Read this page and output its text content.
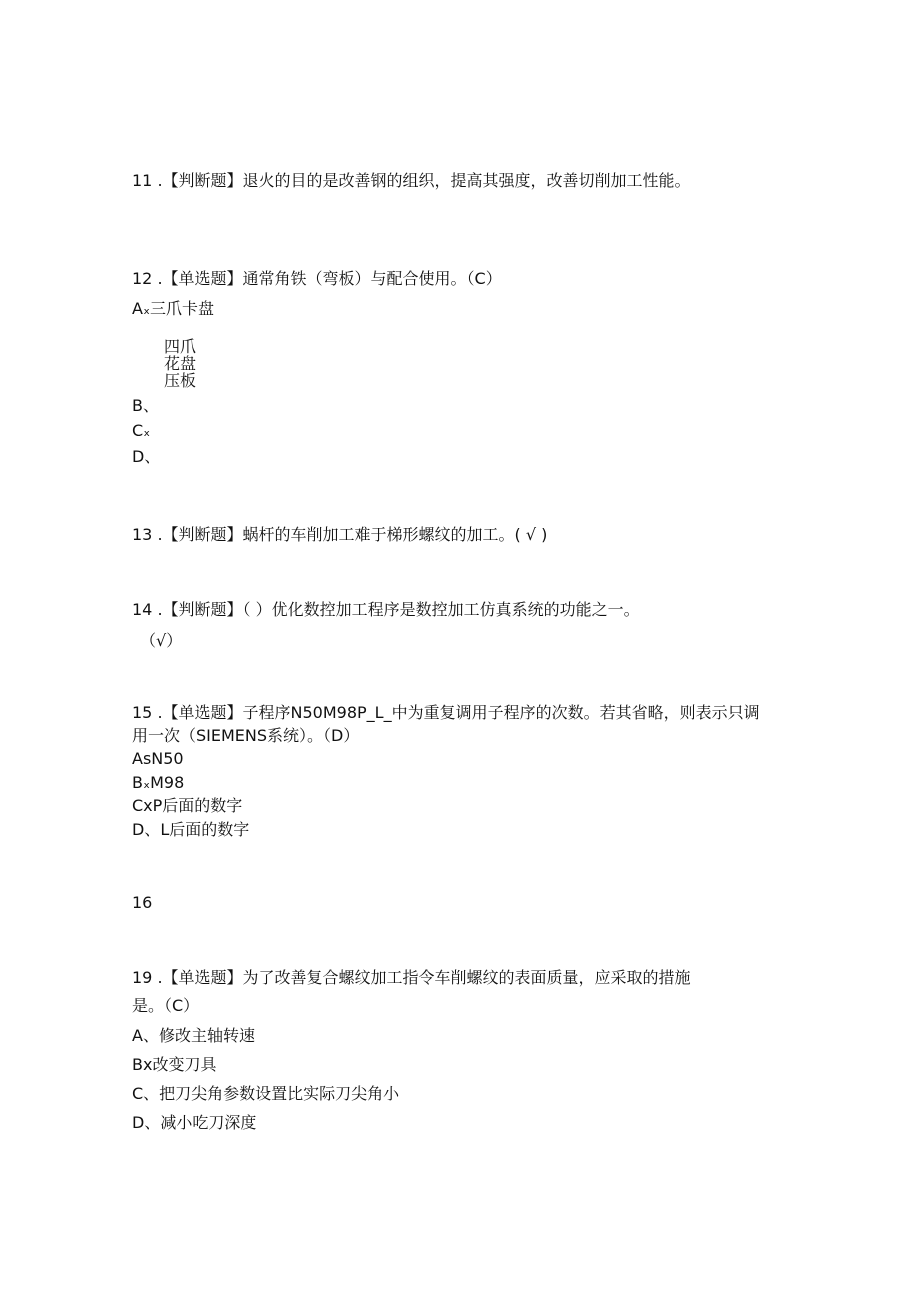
11 .【判断题】退火的目的是改善钢的组织，提高其强度，改善切削加工性能。
12 .【单选题】通常角铁（弯板）与配合使用。（C）
Aₓ三爪卡盘
四爪
花盘
压板
B、
Cₓ
D、
13 .【判断题】蜗杆的车削加工难于梯形螺纹的加工。( √ )
14 .【判断题】（ ）优化数控加工程序是数控加工仿真系统的功能之一。
（√）
15 .【单选题】子程序N50M98P_L_中为重复调用子程序的次数。若其省略，则表示只调
用一次（SIEMENS系统）。（D）
AsN50
BₓM98
CxP后面的数字
D、L后面的数字
16
19 .【单选题】为了改善复合螺纹加工指令车削螺纹的表面质量，应采取的措施
是。（C）
A、修改主轴转速
Bx改变刀具
C、把刀尖角参数设置比实际刀尖角小
D、减小吃刀深度
